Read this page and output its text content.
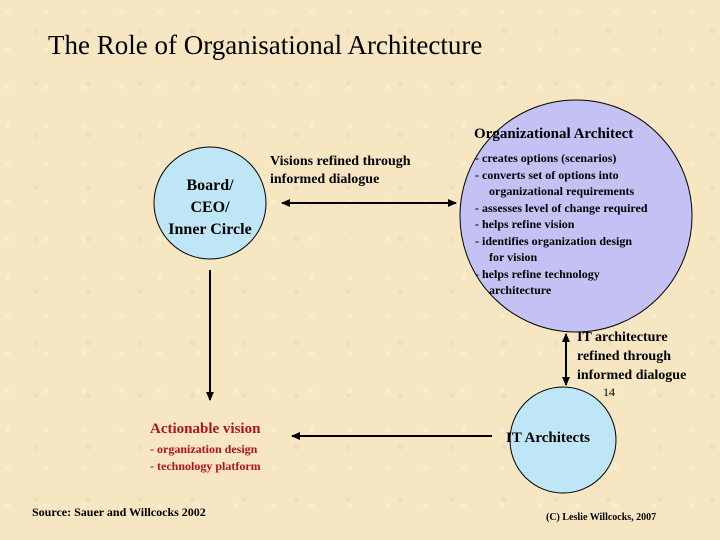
The Role of Organisational Architecture
Board/
CEO/
Inner Circle
Organizational Architect
- creates options (scenarios)
- converts set of options into
organizational requirements
- assesses level of change required
- helps refine vision
- identifies organization design
for vision
- helps refine technology
architecture
Visions refined through
informed dialogue
IT architecture
refined through
informed dialogue
14
IT Architects
Actionable vision
- organization design
- technology platform
Source: Sauer and Willcocks 2002	(C) Leslie Willcocks, 2007
